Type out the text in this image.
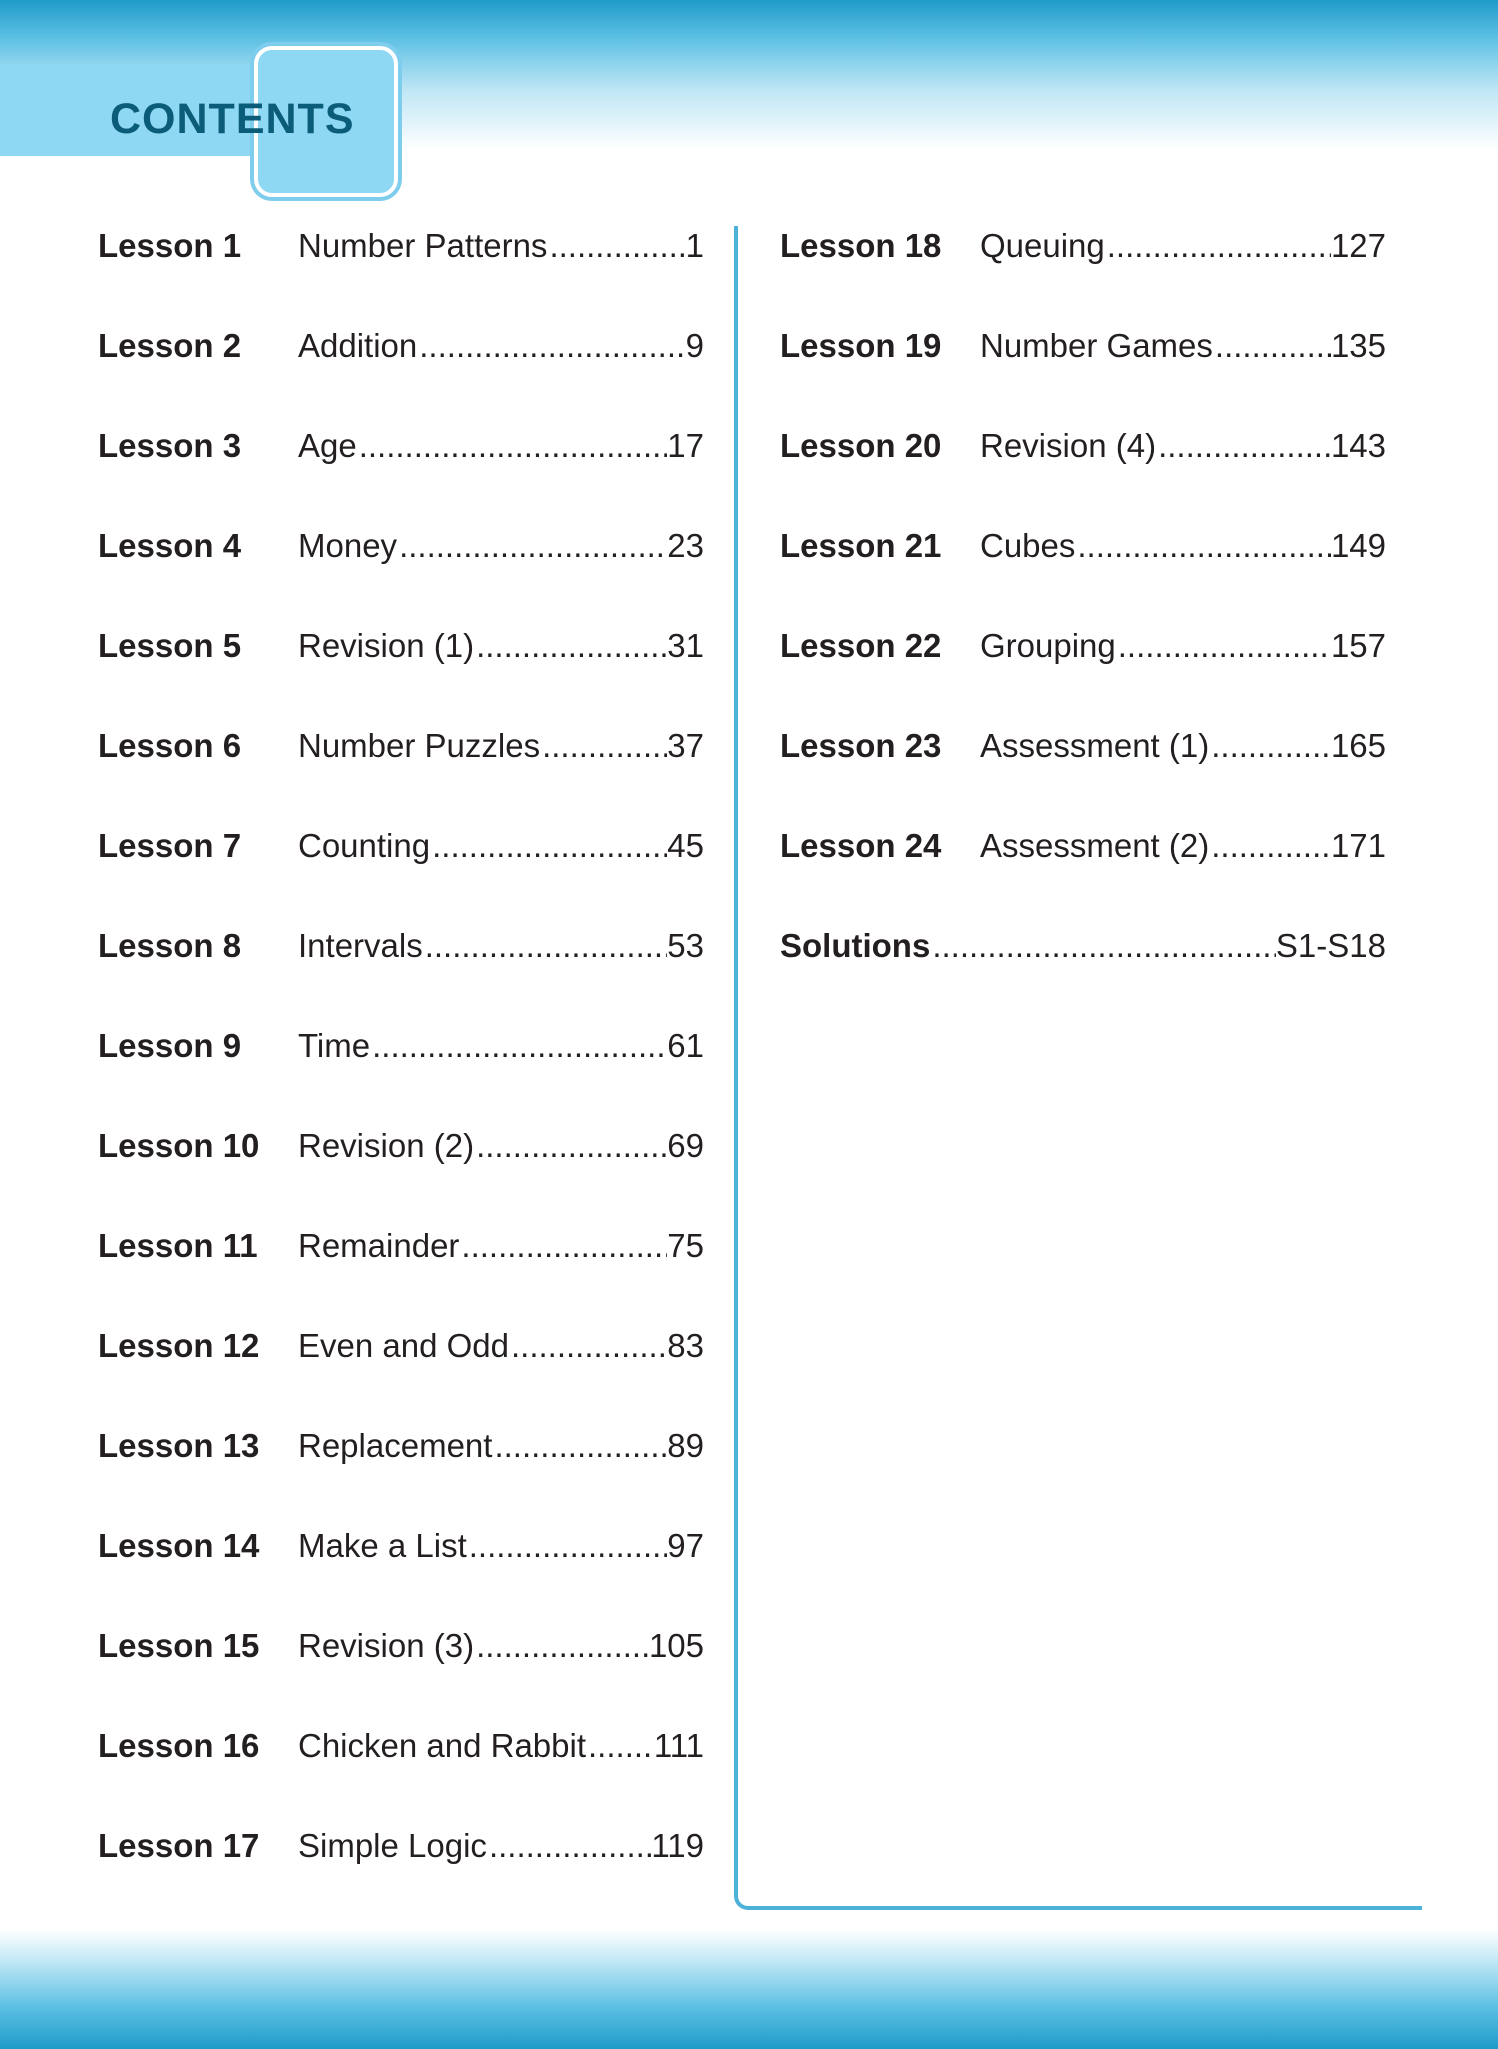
CONTENTS
Lesson 1 Number Patterns .....	1
Lesson 2 Addition .....	9
Lesson 3 Age .....	17
Lesson 4 Money .....	23
Lesson 5 Revision (1) .....	31
Lesson 6 Number Puzzles .....	37
Lesson 7 Counting .....	45
Lesson 8 Intervals .....	53
Lesson 9 Time .....	61
Lesson 10 Revision (2) .....	69
Lesson 11 Remainder .....	75
Lesson 12 Even and Odd .....	83
Lesson 13 Replacement .....	89
Lesson 14 Make a List .....	97
Lesson 15 Revision (3) .....	105
Lesson 16 Chicken and Rabbit ..... 111
Lesson 17 Simple Logic .....	119
Lesson 18 Queuing .....	127
Lesson 19 Number Games .....	135
Lesson 20 Revision (4) .....	143
Lesson 21 Cubes .....	149
Lesson 22 Grouping .....	157
Lesson 23 Assessment (1) .....	165
Lesson 24 Assessment (2) .....	171
Solutions .....	S1-S18
